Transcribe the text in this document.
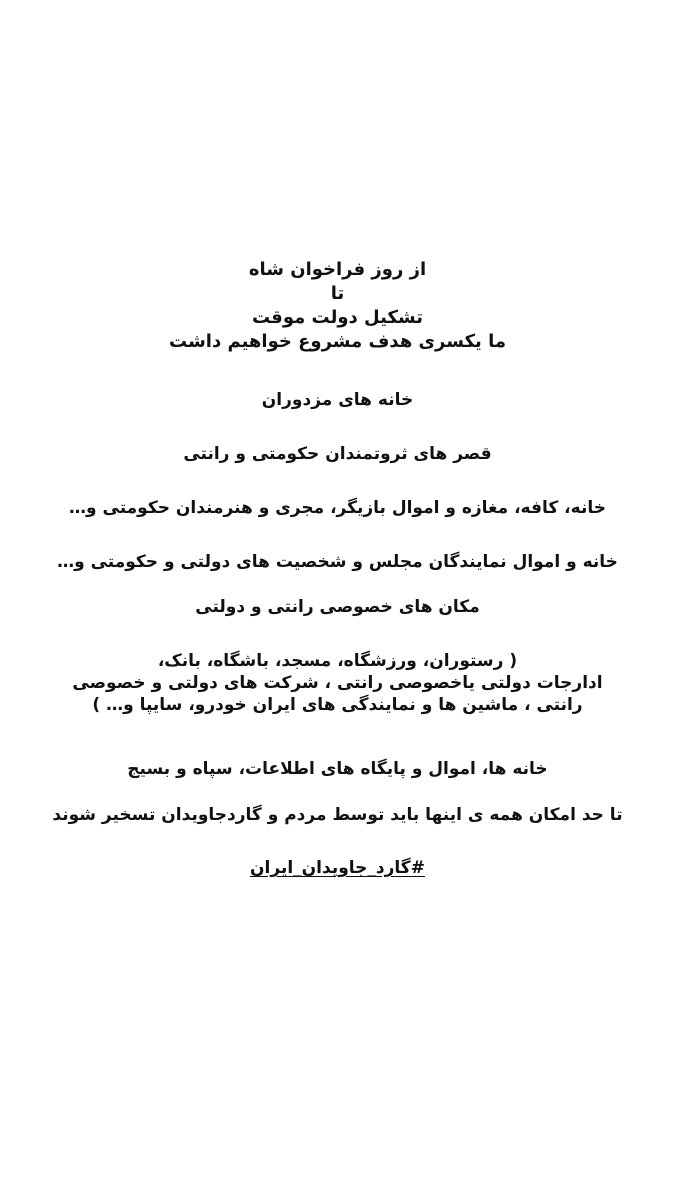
از روز فراخوان شاه
تا
تشکیل دولت موقت
ما یکسری هدف مشروع خواهیم داشت
خانه های مزدوران
قصر های ثروتمندان حکومتی و رانتی
خانه، کافه، مغازه و اموال بازیگر، مجری و هنرمندان حکومتی و…
خانه و اموال نمایندگان مجلس و شخصیت های دولتی و حکومتی و…
مکان های خصوصی رانتی و دولتی
( رستوران، ورزشگاه، مسجد، باشگاه، بانک،
ادارجات دولتی یاخصوصی رانتی ، شرکت های دولتی و خصوصی
رانتی ، ماشین ها و نمایندگی های ایران خودرو، سایپا و… )
خانه ها، اموال و پایگاه های اطلاعات، سپاه و بسیج
تا حد امکان همه ی اینها باید توسط مردم و گاردجاویدان تسخیر شوند
#گارد_جاویدان_ایران
